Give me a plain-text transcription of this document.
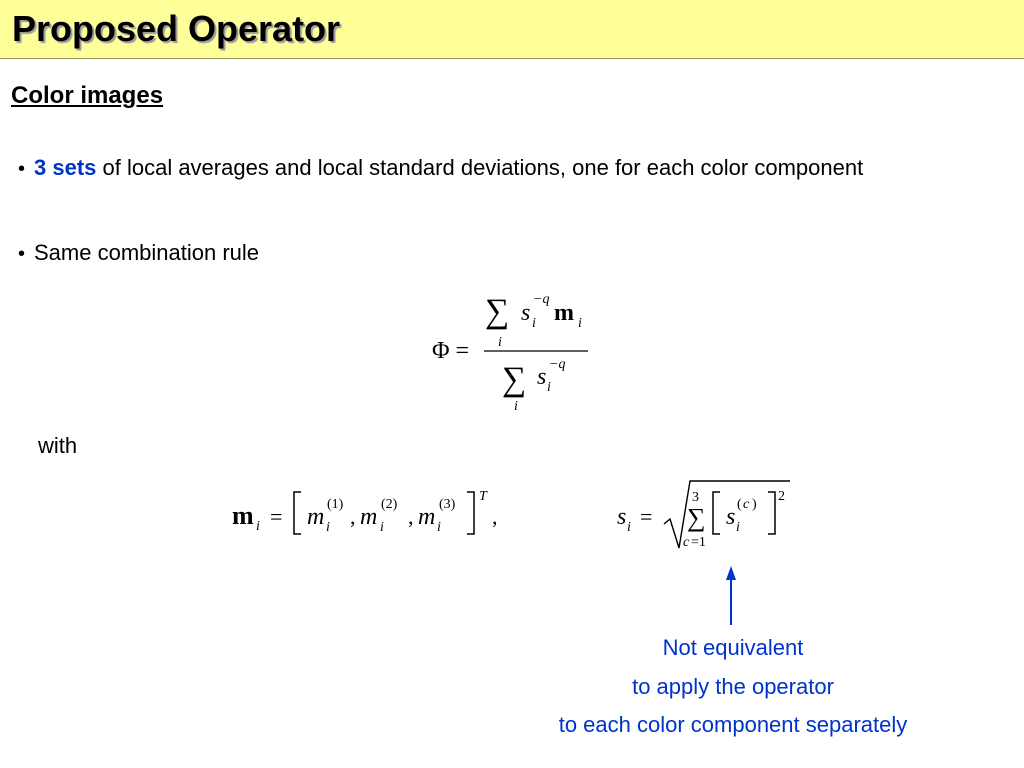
Proposed Operator
Color images
• 3 sets of local averages and local standard deviations, one for each color component
• Same combination rule
with
Φ =
∑
i
s i
−q
m i
∑
i
s i
−q
m i = m i
(1) , m i
(2) , m i
(3)
T
,	s i =
3
∑
c =1
s i
( c )
2
Not equivalent
to apply the operator
to each color component separately
